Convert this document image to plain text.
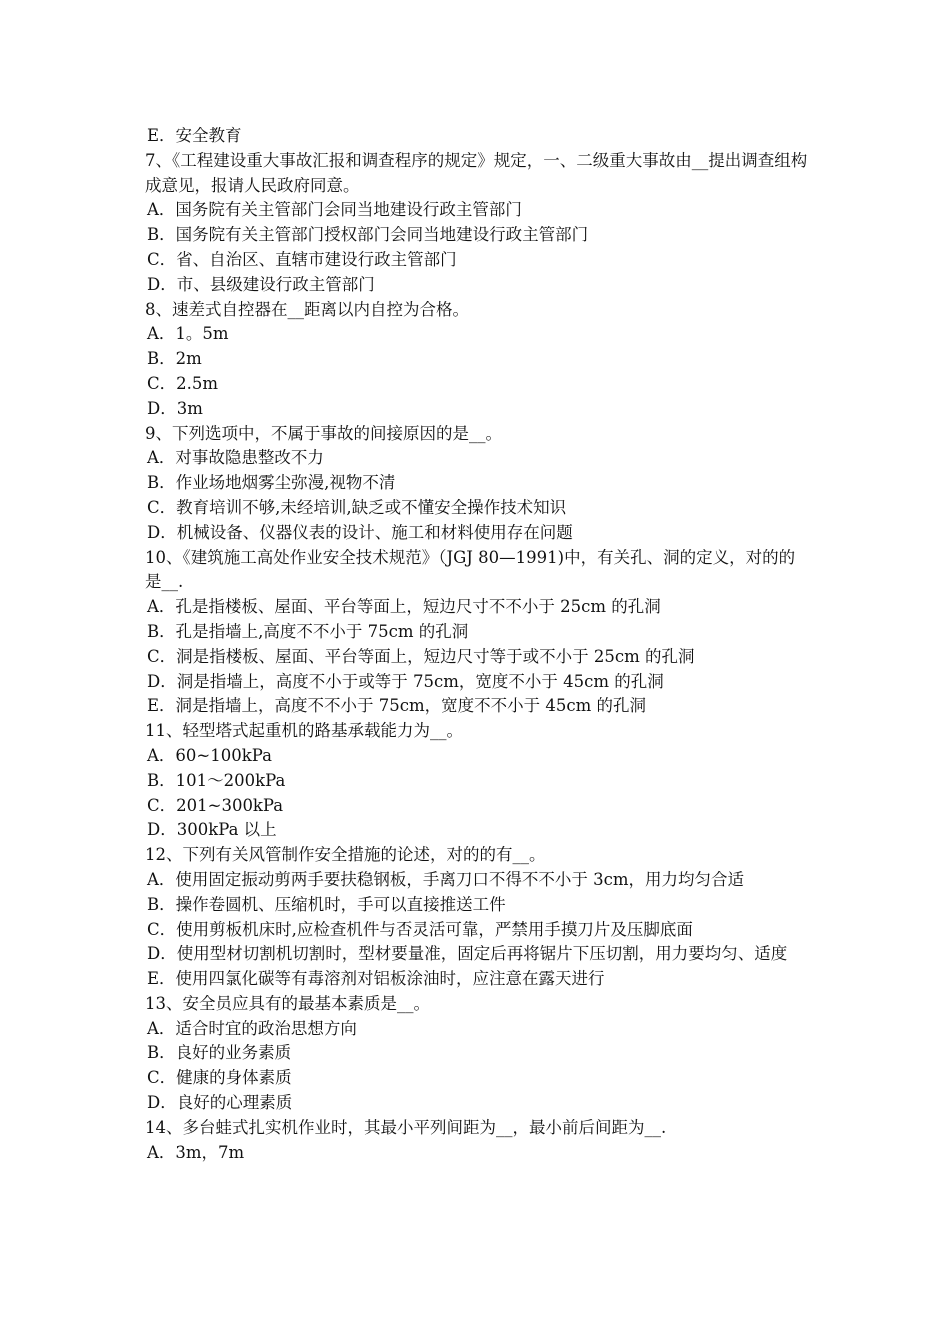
E．安全教育

7、《工程建设重大事故汇报和调查程序的规定》规定，一、二级重大事故由__提出调查组构成意见，报请人民政府同意。

A．国务院有关主管部门会同当地建设行政主管部门

B．国务院有关主管部门授权部门会同当地建设行政主管部门

C．省、自治区、直辖市建设行政主管部门

D．市、县级建设行政主管部门

8、速差式自控器在__距离以内自控为合格。

A．1。5m

B．2m

C．2.5m

D．3m

9、下列选项中，不属于事故的间接原因的是__。

A．对事故隐患整改不力

B．作业场地烟雾尘弥漫,视物不清

C．教育培训不够,未经培训,缺乏或不懂安全操作技术知识

D．机械设备、仪器仪表的设计、施工和材料使用存在问题

10、《建筑施工高处作业安全技术规范》（JGJ 80—1991)中，有关孔、洞的定义，对的的是__.

A．孔是指楼板、屋面、平台等面上，短边尺寸不不小于 25cm 的孔洞

B．孔是指墙上,高度不不小于 75cm 的孔洞

C．洞是指楼板、屋面、平台等面上，短边尺寸等于或不小于 25cm 的孔洞

D．洞是指墙上，高度不小于或等于 75cm，宽度不小于 45cm 的孔洞

E．洞是指墙上，高度不不小于 75cm，宽度不不小于 45cm 的孔洞

11、轻型塔式起重机的路基承载能力为__。

A．60~100kPa

B．101～200kPa

C．201~300kPa

D．300kPa 以上

12、下列有关风管制作安全措施的论述，对的的有__。

A．使用固定振动剪两手要扶稳钢板，手离刀口不得不不小于 3cm，用力均匀合适

B．操作卷圆机、压缩机时，手可以直接推送工件

C．使用剪板机床时,应检查机件与否灵活可靠，严禁用手摸刀片及压脚底面

D．使用型材切割机切割时，型材要量准，固定后再将锯片下压切割，用力要均匀、适度

E．使用四氯化碳等有毒溶剂对铝板涂油时，应注意在露天进行

13、安全员应具有的最基本素质是__。

A．适合时宜的政治思想方向

B．良好的业务素质

C．健康的身体素质

D．良好的心理素质

14、多台蛙式扎实机作业时，其最小平列间距为__，最小前后间距为__.

A．3m，7m
